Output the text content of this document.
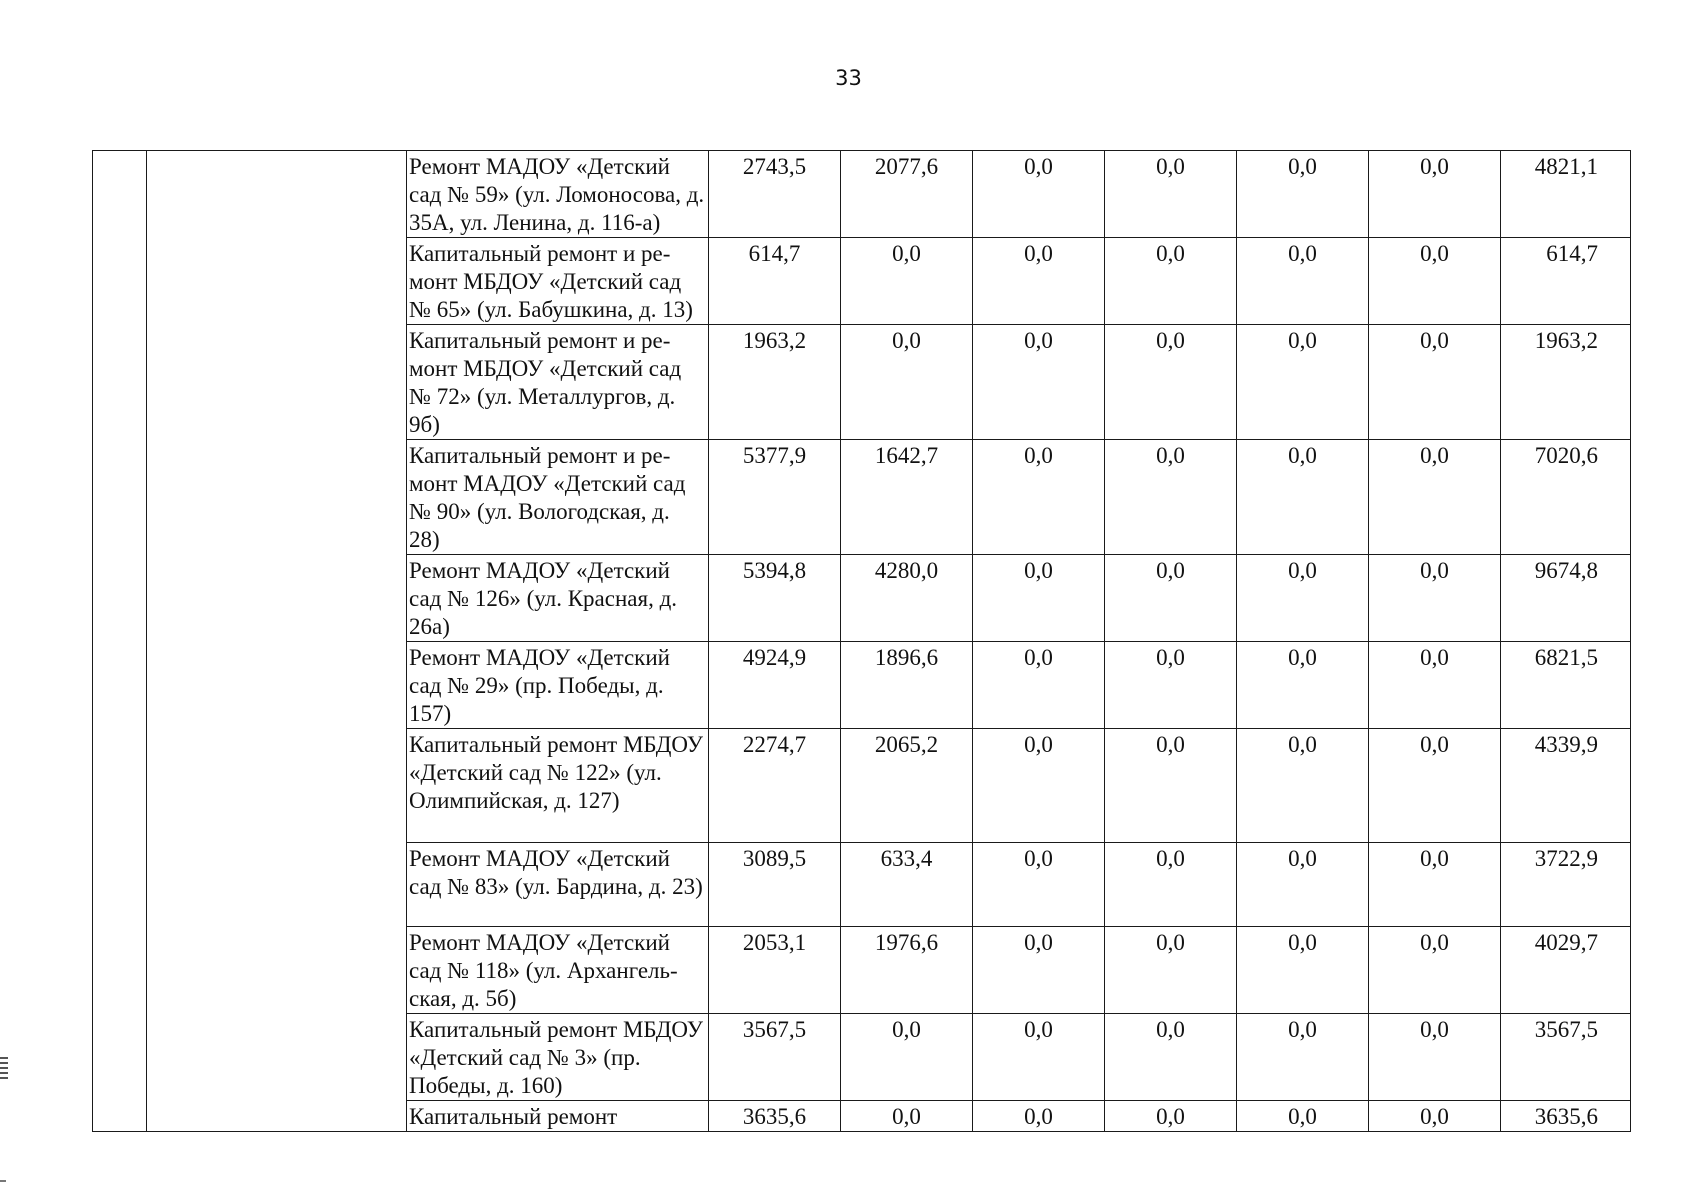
33
		Ремонт МАДОУ «Детский сад № 59» (ул. Ломоносова, д. 35А, ул. Ленина, д. 116-а)	2743,5	2077,6	0,0	0,0	0,0	0,0	4821,1
		Капитальный ремонт и ре-монт МБДОУ «Детский сад № 65» (ул. Бабушкина, д. 13)	614,7	0,0	0,0	0,0	0,0	0,0	614,7
		Капитальный ремонт и ре-монт МБДОУ «Детский сад № 72» (ул. Металлургов, д. 9б)	1963,2	0,0	0,0	0,0	0,0	0,0	1963,2
		Капитальный ремонт и ре-монт МАДОУ «Детский сад № 90» (ул. Вологодская, д. 28)	5377,9	1642,7	0,0	0,0	0,0	0,0	7020,6
		Ремонт МАДОУ «Детский сад № 126» (ул. Красная, д. 26а)	5394,8	4280,0	0,0	0,0	0,0	0,0	9674,8
		Ремонт МАДОУ «Детский сад № 29» (пр. Победы, д. 157)	4924,9	1896,6	0,0	0,0	0,0	0,0	6821,5
		Капитальный ремонт МБДОУ «Детский сад № 122» (ул. Олимпийская, д. 127)	2274,7	2065,2	0,0	0,0	0,0	0,0	4339,9
		Ремонт МАДОУ «Детский сад № 83» (ул. Бардина, д. 23)	3089,5	633,4	0,0	0,0	0,0	0,0	3722,9
		Ремонт МАДОУ «Детский сад № 118» (ул. Архангель-ская, д. 5б)	2053,1	1976,6	0,0	0,0	0,0	0,0	4029,7
		Капитальный ремонт МБДОУ «Детский сад № 3» (пр. Победы, д. 160)	3567,5	0,0	0,0	0,0	0,0	0,0	3567,5
		Капитальный ремонт	3635,6	0,0	0,0	0,0	0,0	0,0	3635,6
